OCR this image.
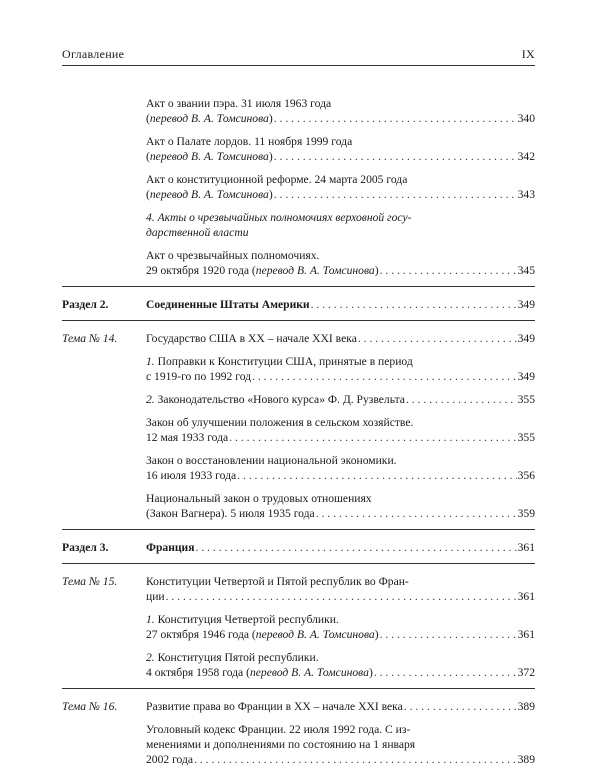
Оглавление	IX
Акт о звании пэра. 31 июля 1963 года
(перевод В. А. Томсинова) . . .	340
Акт о Палате лордов. 11 ноября 1999 года
(перевод В. А. Томсинова) . . .	342
Акт о конституционной реформе. 24 марта 2005 года
(перевод В. А. Томсинова) . . .	343
4. Акты о чрезвычайных полномочиях верховной госу-
дарственной власти
Акт о чрезвычайных полномочиях.
29 октября 1920 года (перевод В. А. Томсинова) . . .	345
Раздел 2.	Соединенные Штаты Америки . . .	349
Тема № 14.	Государство США в XX – начале XXI века . . .	349
1. Поправки к Конституции США, принятые в период
с 1919-го по 1992 год . . .	349
2. Законодательство «Нового курса» Ф. Д. Рузвельта . . .	355
Закон об улучшении положения в сельском хозяйстве.
12 мая 1933 года . . .	355
Закон о восстановлении национальной экономики.
16 июля 1933 года . . .	356
Национальный закон о трудовых отношениях
(Закон Вагнера). 5 июля 1935 года . . .	359
Раздел 3.	Франция . . .	361
Тема № 15.	Конституции Четвертой и Пятой республик во Фран-
ции . . .	361
1. Конституция Четвертой республики.
27 октября 1946 года (перевод В. А. Томсинова) . . .	361
2. Конституция Пятой республики.
4 октября 1958 года (перевод В. А. Томсинова) . . .	372
Тема № 16.	Развитие права во Франции в XX – начале XXI века . . .	389
Уголовный кодекс Франции. 22 июля 1992 года. С из-
менениями и дополнениями по состоянию на 1 января
2002 года . . .	389
